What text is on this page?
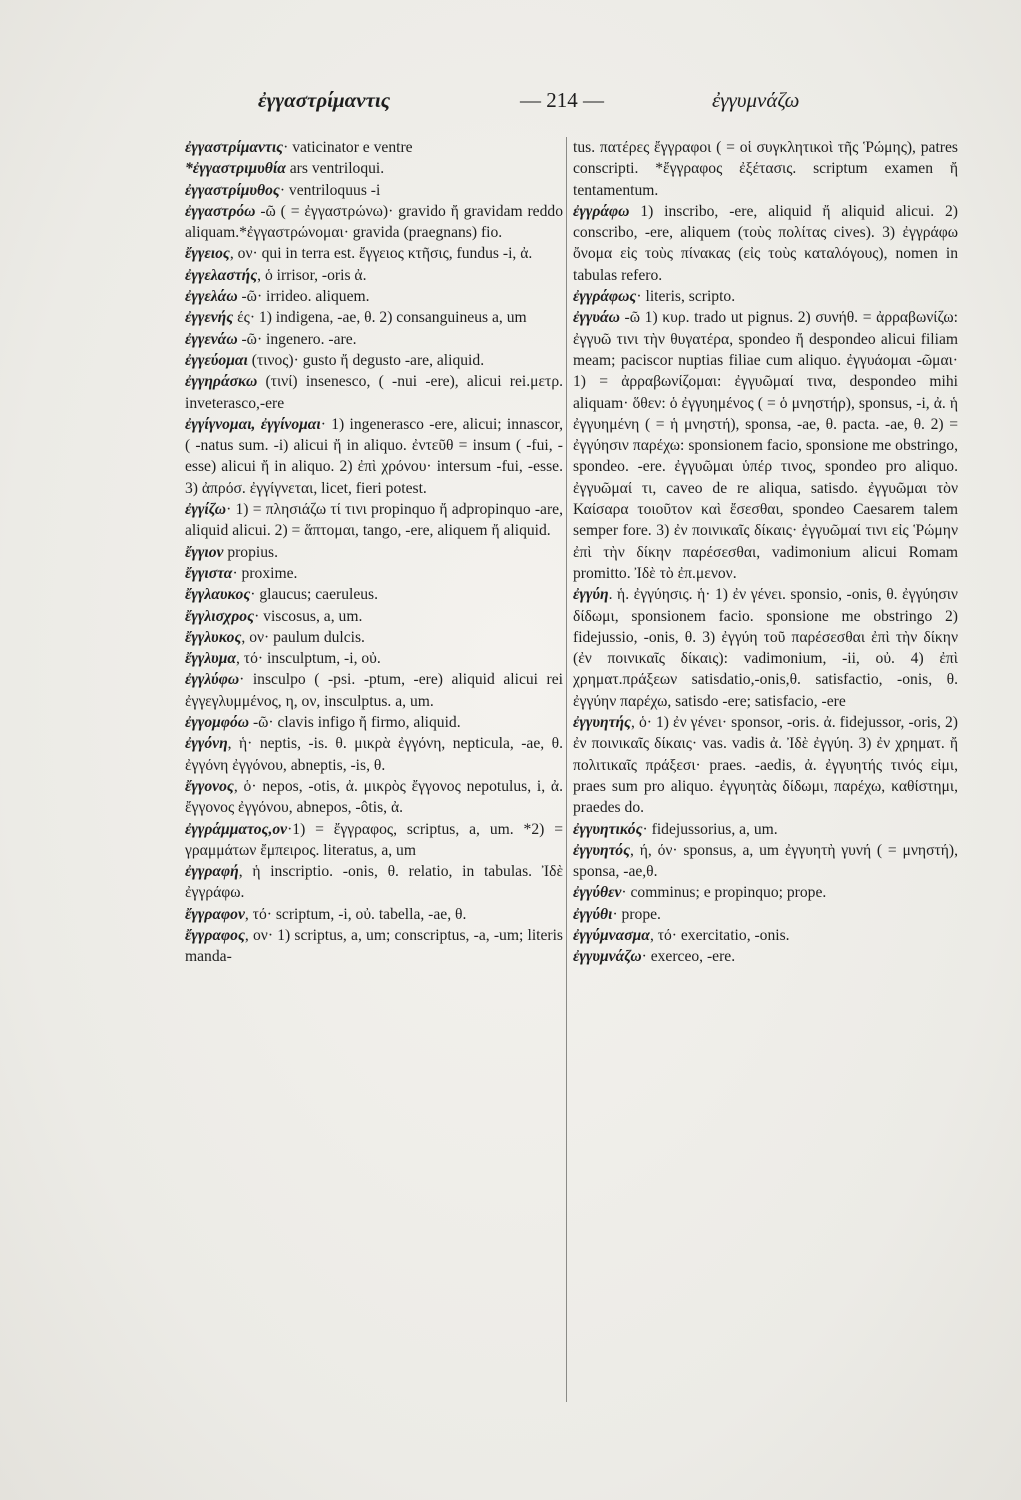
ἐγγαστρίμαντις	— 214 —	ἐγγυμνάζω

ἐγγαστρίμαντις· vaticinator e ventre

*ἐγγαστριμυθία ars ventriloqui.

ἐγγαστρίμυθος· ventriloquus -i

ἐγγαστρόω -ῶ ( = ἐγγαστρώνω)· gravido ἤ gravidam reddo aliquam.*ἐγγαστρώνομαι· gravida (praegnans) fio.

ἔγγειος, ον· qui in terra est. ἔγγειος κτῆσις, fundus -i, ἀ.

ἐγγελαστής, ὁ irrisor, -oris ἀ.

ἐγγελάω -ῶ· irrideo. aliquem.

ἐγγενής ές· 1) indigena, -ae, θ. 2) consanguineus a, um

ἐγγενάω -ῶ· ingenero. -are.

ἐγγεύομαι (τινος)· gusto ἤ degusto -are, aliquid.

ἐγγηράσκω (τινί) insenesco, ( -nui -ere), alicui rei.μετρ. inveterasco,-ere

ἐγγίγνομαι, ἐγγίνομαι· 1) ingenerasco -ere, alicui; innascor, ( -natus sum. -i) alicui ἤ in aliquo. ἐντεῦθ = insum ( -fui, -esse) alicui ἤ in aliquo. 2) ἐπὶ χρόνου· intersum -fui, -esse. 3) ἀπρόσ. ἐγγίγνεται, licet, fieri potest.

ἐγγίζω· 1) = πλησιάζω τί τινι propinquo ἤ adpropinquo -are, aliquid alicui. 2) = ἅπτομαι, tango, -ere, aliquem ἤ aliquid.

ἔγγιον propius.

ἔγγιστα· proxime.

ἔγγλαυκος· glaucus; caeruleus.

ἔγγλισχρος· viscosus, a, um.

ἔγγλυκος, ον· paulum dulcis.

ἔγγλυμα, τό· insculptum, -i, οὐ.

ἐγγλύφω· insculpo ( -psi. -ptum, -ere) aliquid alicui rei ἐγγεγλυμμένος, η, ον, insculptus. a, um.

ἐγγομφόω -ῶ· clavis infigo ἤ firmo, aliquid.

ἐγγόνη, ἡ· neptis, -is. θ. μικρὰ ἐγγόνη, nepticula, -ae, θ. ἐγγόνη ἐγγόνου, abneptis, -is, θ.

ἔγγονος, ὁ· nepos, -otis, ἀ. μικρὸς ἔγγονος nepotulus, i, ἀ. ἔγγονος ἐγγόνου, abnepos, -ôtis, ἀ.

ἐγγράμματος,ον·1) = ἔγγραφος, scriptus, a, um. *2) = γραμμάτων ἔμπειρος. literatus, a, um

ἐγγραφή, ἡ inscriptio. -onis, θ. relatio, in tabulas. Ἰδὲ ἐγγράφω.

ἔγγραφον, τό· scriptum, -i, οὐ. tabella, -ae, θ.

ἔγγραφος, ον· 1) scriptus, a, um; conscriptus, -a, -um; literis manda-

tus. πατέρες ἔγγραφοι ( = οἱ συγκλητικοὶ τῆς Ῥώμης), patres conscripti. *ἔγγραφος ἐξέτασις. scriptum examen ἤ tentamentum.

ἐγγράφω 1) inscribo, -ere, aliquid ἤ aliquid alicui. 2) conscribo, -ere, aliquem (τοὺς πολίτας cives). 3) ἐγγράφω ὄνομα εἰς τοὺς πίνακας (εἰς τοὺς καταλόγους), nomen in tabulas refero.

ἐγγράφως· literis, scripto.

ἐγγυάω -ῶ 1) κυρ. trado ut pignus. 2) συνήθ. = ἀρραβωνίζω: ἐγγυῶ τινι τὴν θυγατέρα, spondeo ἤ despondeo alicui filiam meam; paciscor nuptias filiae cum aliquo. ἐγγυάομαι -ῶμαι· 1) = ἀρραβωνίζομαι: ἐγγυῶμαί τινα, despondeo mihi aliquam· ὅθεν: ὁ ἐγγυημένος ( = ὁ μνηστήρ), sponsus, -i, ἀ. ἡ ἐγγυημένη ( = ἡ μνηστή), sponsa, -ae, θ. pacta. -ae, θ. 2) = ἐγγύησιν παρέχω: sponsionem facio, sponsione me obstringo, spondeo. -ere. ἐγγυῶμαι ὑπέρ τινος, spondeo pro aliquo. ἐγγυῶμαί τι, caveo de re aliqua, satisdo. ἐγγυῶμαι τὸν Καίσαρα τοιοῦτον καὶ ἔσεσθαι, spondeo Caesarem talem semper fore. 3) ἐν ποινικαῖς δίκαις· ἐγγυῶμαί τινι εἰς Ῥώμην ἐπὶ τὴν δίκην παρέσεσθαι, vadimonium alicui Romam promitto. Ἰδὲ τὸ ἐπ.μενον.

ἐγγύη. ἡ. ἐγγύησις. ἡ· 1) ἐν γένει. sponsio, -onis, θ. ἐγγύησιν δίδωμι, sponsionem facio. sponsione me obstringo 2) fidejussio, -onis, θ. 3) ἐγγύη τοῦ παρέσεσθαι ἐπὶ τὴν δίκην (ἐν ποινικαῖς δίκαις): vadimonium, -ii, οὐ. 4) ἐπὶ χρηματ.πράξεων satisdatio,-onis,θ. satisfactio, -onis, θ. ἐγγύην παρέχω, satisdo -ere; satisfacio, -ere

ἐγγυητής, ὁ· 1) ἐν γένει· sponsor, -oris. ἀ. fidejussor, -oris, 2) ἐν ποινικαῖς δίκαις· vas. vadis ἀ. Ἰδὲ ἐγγύη. 3) ἐν χρηματ. ἤ πολιτικαῖς πράξεσι· praes. -aedis, ἀ. ἐγγυητής τινός εἰμι, praes sum pro aliquo. ἐγγυητὰς δίδωμι, παρέχω, καθίστημι, praedes do.

ἐγγυητικός· fidejussorius, a, um.

ἐγγυητός, ή, όν· sponsus, a, um ἐγγυητὴ γυνή ( = μνηστή), sponsa, -ae,θ.

ἐγγύθεν· comminus; e propinquo; prope.

ἐγγύθι· prope.

ἐγγύμνασμα, τό· exercitatio, -onis.

ἐγγυμνάζω· exerceo, -ere.
